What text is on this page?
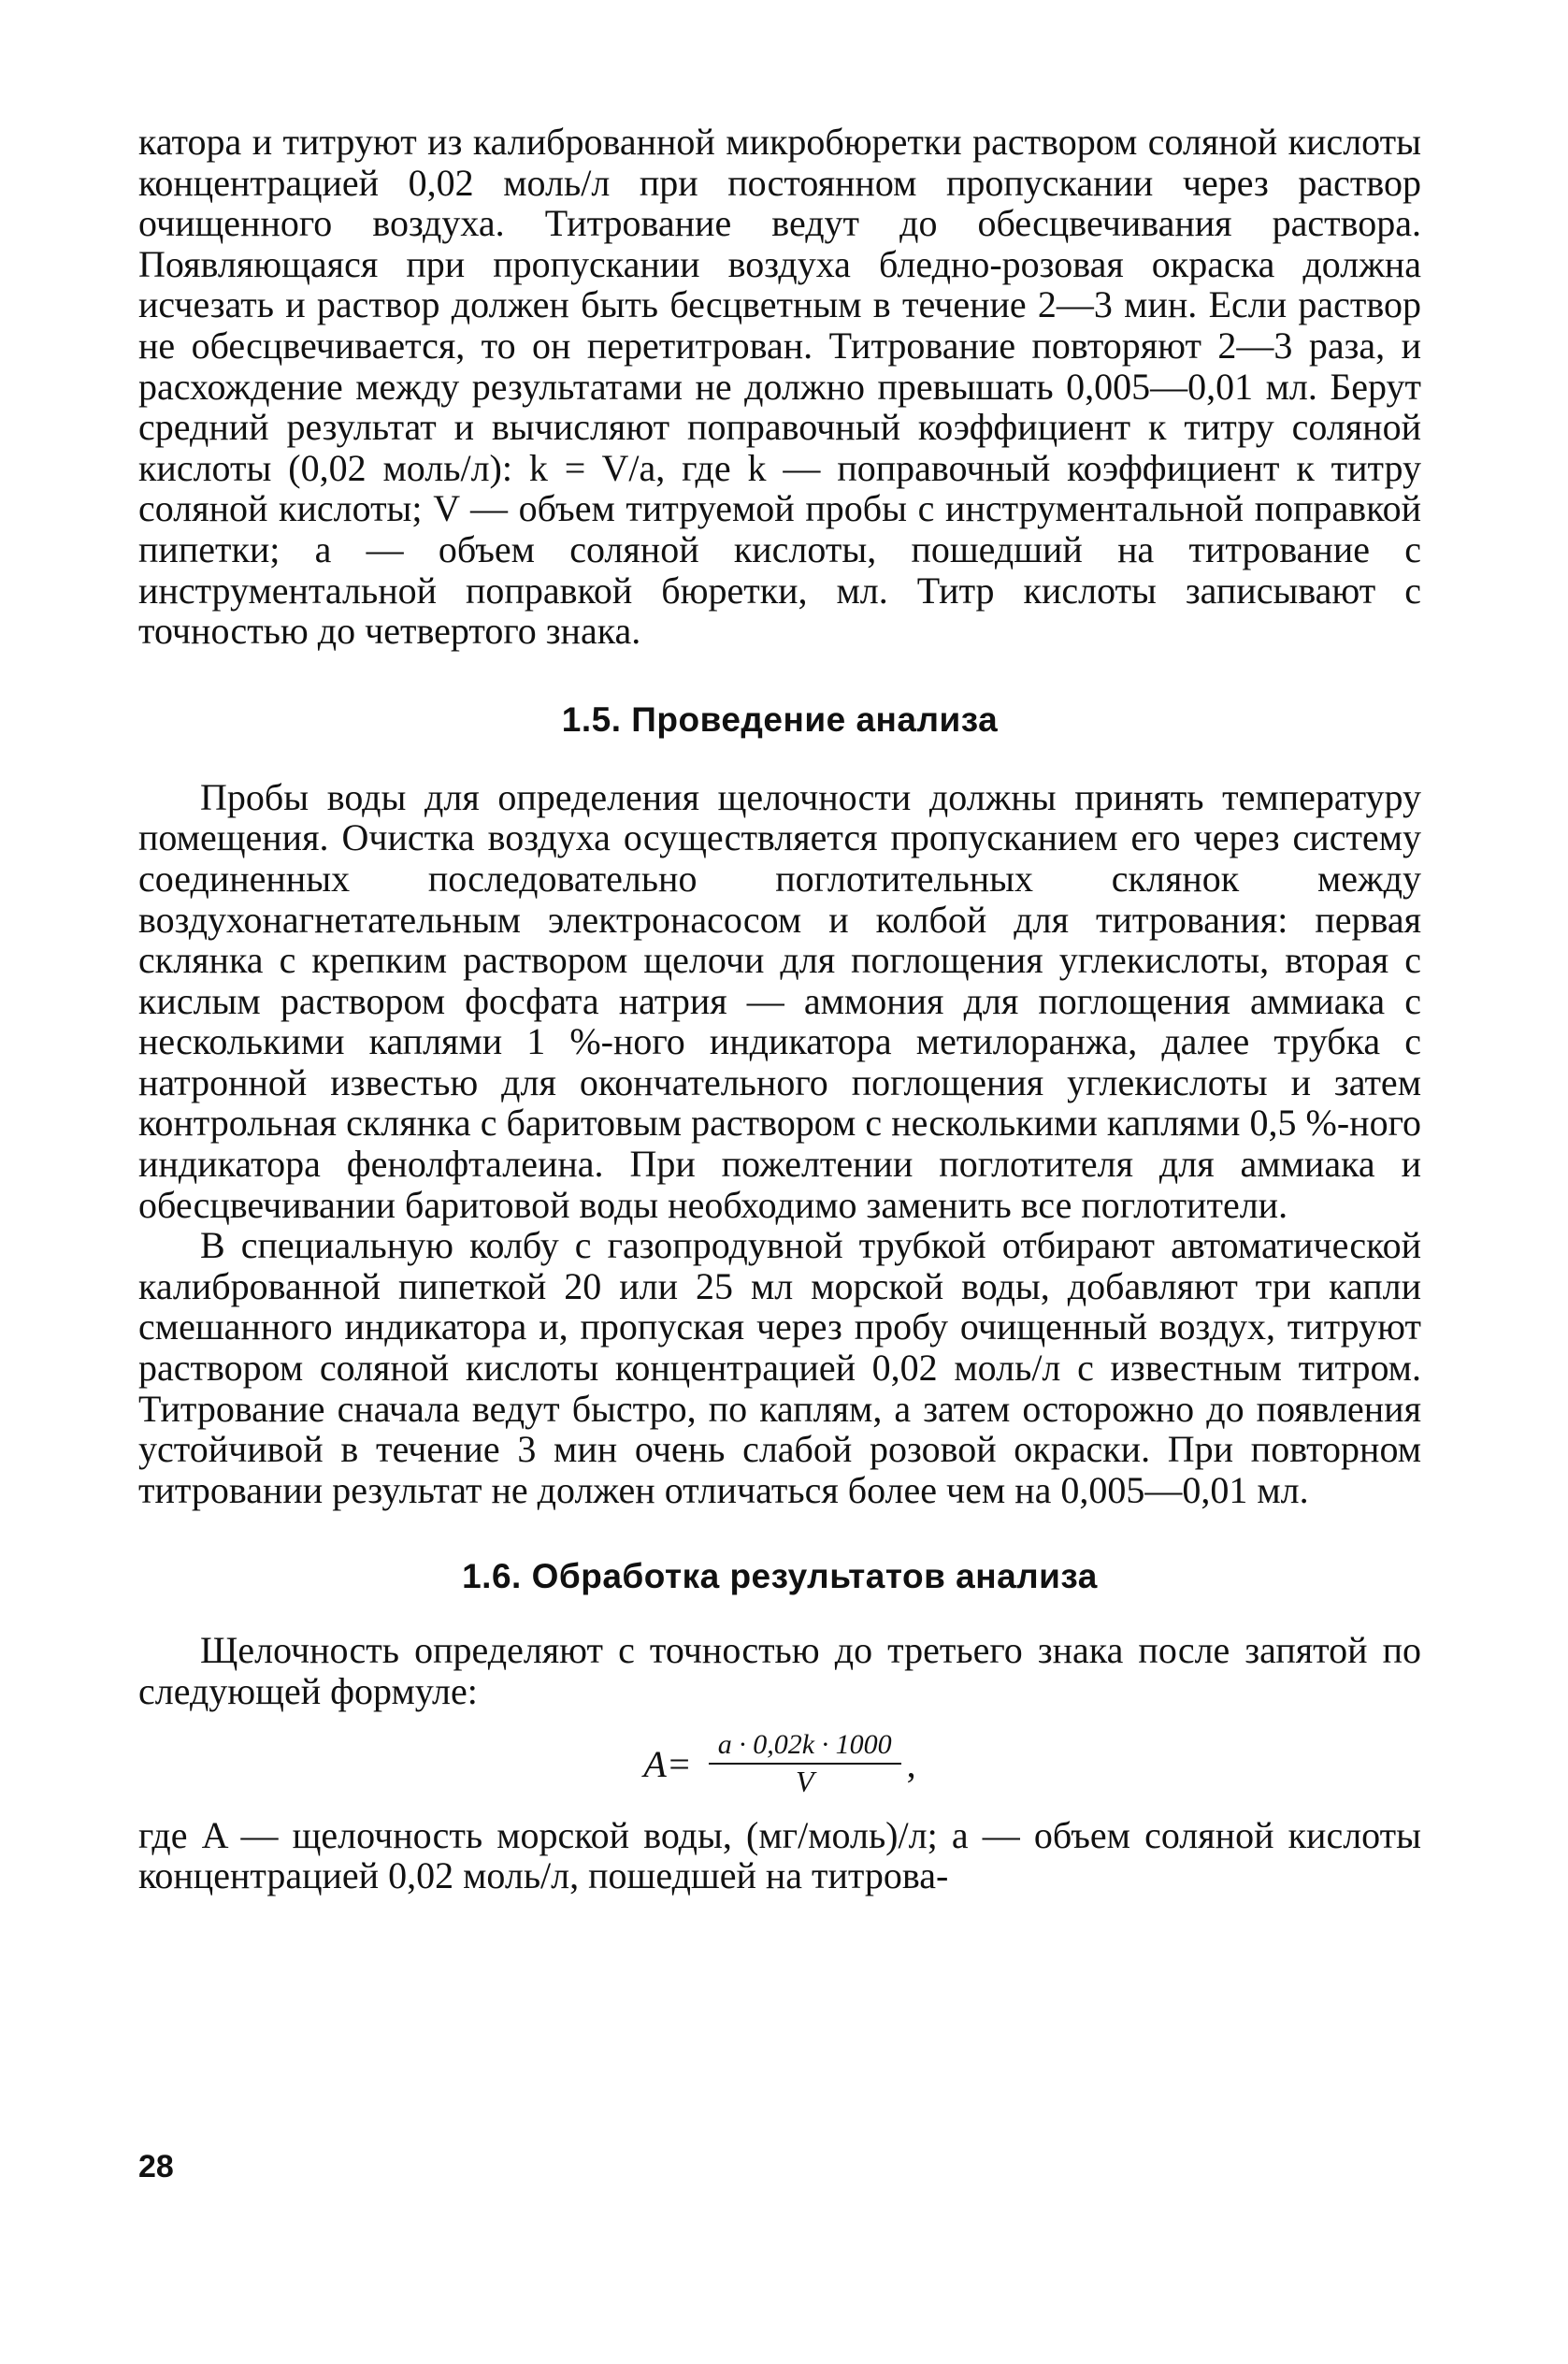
катора и титруют из калиброванной микробюретки раствором соляной кислоты концентрацией 0,02 моль/л при постоянном пропускании через раствор очищенного воздуха. Титрование ведут до обесцвечивания раствора. Появляющаяся при пропускании воздуха бледно-розовая окраска должна исчезать и раствор должен быть бесцветным в течение 2—3 мин. Если раствор не обесцвечивается, то он перетитрован. Титрование повторяют 2—3 раза, и расхождение между результатами не должно превышать 0,005—0,01 мл. Берут средний результат и вычисляют поправочный коэффициент к титру соляной кислоты (0,02 моль/л): k = V/a, где k — поправочный коэффициент к титру соляной кислоты; V — объем титруемой пробы с инструментальной поправкой пипетки; a — объем соляной кислоты, пошедший на титрование с инструментальной поправкой бюретки, мл. Титр кислоты записывают с точностью до четвертого знака.

1.5. Проведение анализа

Пробы воды для определения щелочности должны принять температуру помещения. Очистка воздуха осуществляется пропусканием его через систему соединенных последовательно поглотительных склянок между воздухонагнетательным электронасосом и колбой для титрования: первая склянка с крепким раствором щелочи для поглощения углекислоты, вторая с кислым раствором фосфата натрия — аммония для поглощения аммиака с несколькими каплями 1 %-ного индикатора метилоранжа, далее трубка с натронной известью для окончательного поглощения углекислоты и затем контрольная склянка с баритовым раствором с несколькими каплями 0,5 %-ного индикатора фенолфталеина. При пожелтении поглотителя для аммиака и обесцвечивании баритовой воды необходимо заменить все поглотители.

В специальную колбу с газопродувной трубкой отбирают автоматической калиброванной пипеткой 20 или 25 мл морской воды, добавляют три капли смешанного индикатора и, пропуская через пробу очищенный воздух, титруют раствором соляной кислоты концентрацией 0,02 моль/л с известным титром. Титрование сначала ведут быстро, по каплям, а затем осторожно до появления устойчивой в течение 3 мин очень слабой розовой окраски. При повторном титровании результат не должен отличаться более чем на 0,005—0,01 мл.

1.6. Обработка результатов анализа

Щелочность определяют с точностью до третьего знака после запятой по следующей формуле:

$A= \frac{a \cdot 0,02k \cdot 1000}{V}$ ,

где A — щелочность морской воды, (мг/моль)/л; a — объем соляной кислоты концентрацией 0,02 моль/л, пошедшей на титрова-

28
